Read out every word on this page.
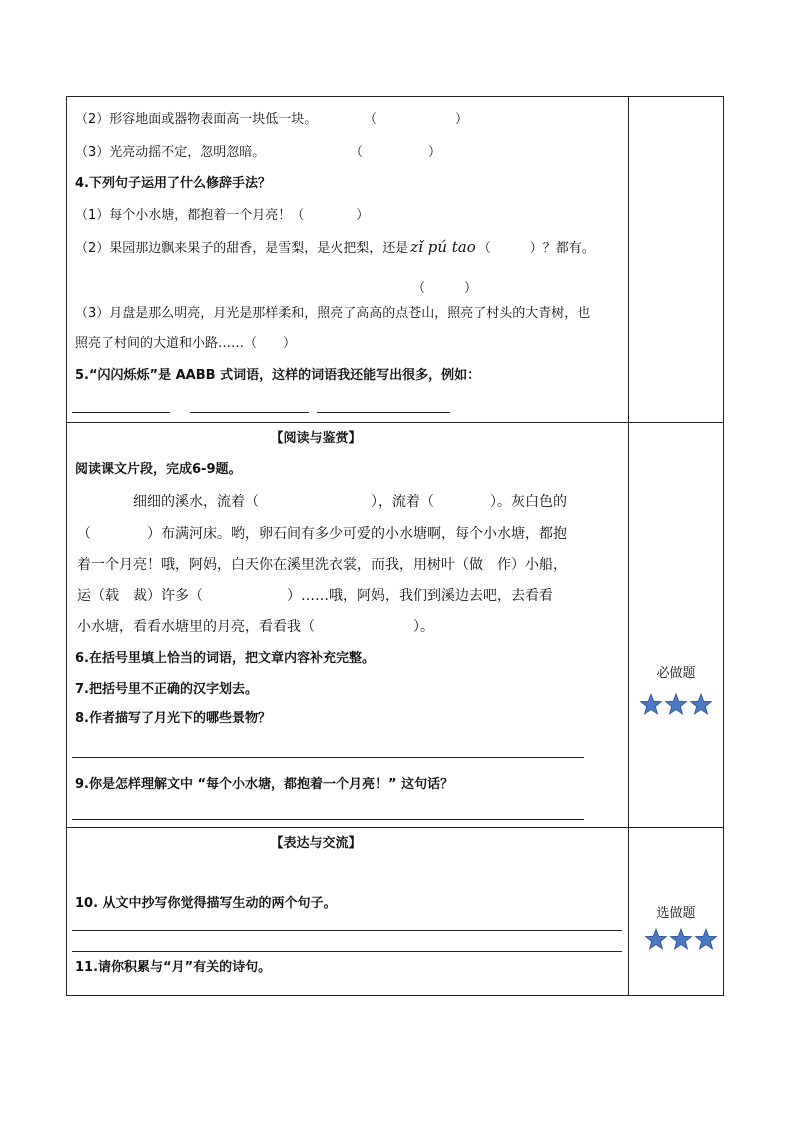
（2）形容地面或器物表面高一块低一块。	（　　　　　　）
（3）光亮动摇不定，忽明忽暗。	（　　　　　）
4.下列句子运用了什么修辞手法？
（1）每个小水塘，都抱着一个月亮！（　　　　）
（2）果园那边飘来果子的甜香，是雪梨，是火把梨，还是 zǐ pú tao （　　　）？都有。
（　　　）
（3）月盘是那么明亮，月光是那样柔和，照亮了高高的点苍山，照亮了村头的大青树，也
照亮了村间的大道和小路……（　　）
5.“闪闪烁烁”是 AABB 式词语，这样的词语我还能写出很多，例如：
【阅读与鉴赏】
阅读课文片段，完成6-9题。
细细的溪水，流着（　　　　　　　　），流着（　　　　）。灰白色的
（　　　　）布满河床。哟，卵石间有多少可爱的小水塘啊，每个小水塘，都抱
着一个月亮！哦，阿妈，白天你在溪里洗衣裳，而我，用树叶（做　作）小船，
运（载　裁）许多（　　　　　　）……哦，阿妈，我们到溪边去吧，去看看
小水塘，看看水塘里的月亮，看看我（　　　　　　　）。
6.在括号里填上恰当的词语，把文章内容补充完整。
7.把括号里不正确的汉字划去。
8.作者描写了月光下的哪些景物？
9.你是怎样理解文中 “每个小水塘，都抱着一个月亮！” 这句话？
必做题
【表达与交流】
10. 从文中抄写你觉得描写生动的两个句子。
11.请你积累与“月”有关的诗句。
选做题
